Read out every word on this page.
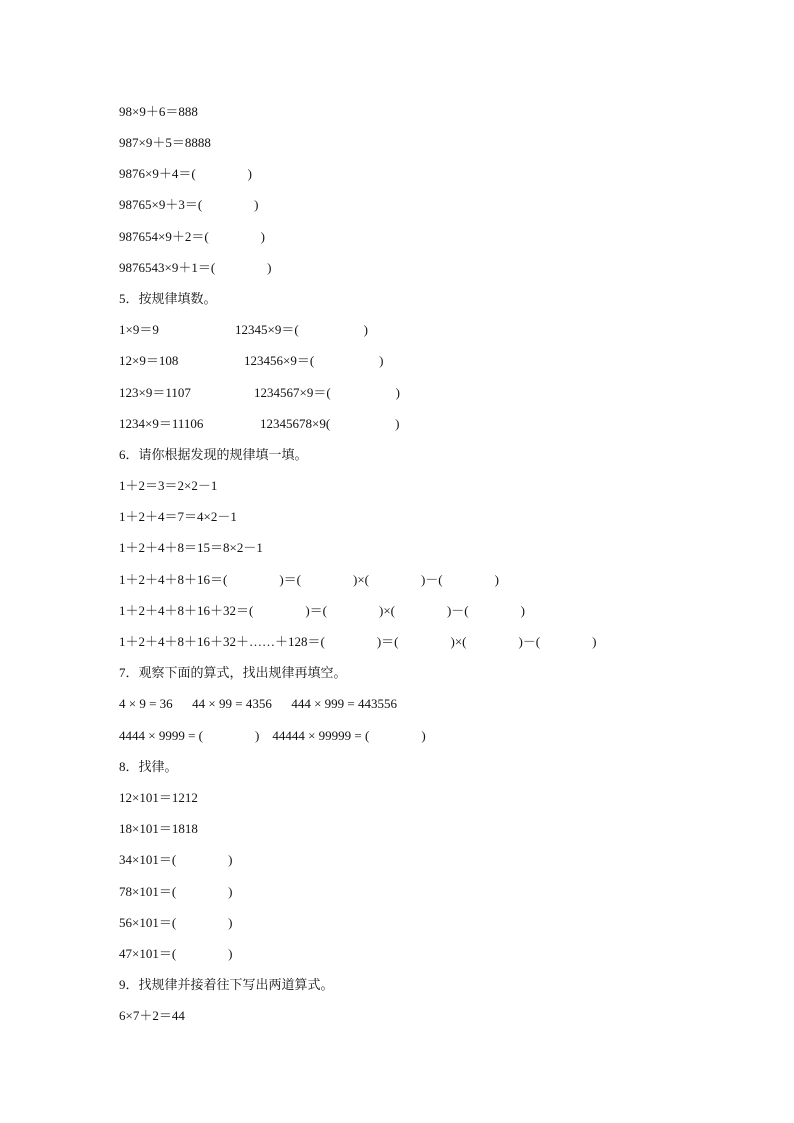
98×9＋6＝888

987×9＋5＝8888

9876×9＋4＝(                )

98765×9＋3＝(                )

987654×9＋2＝(                )

9876543×9＋1＝(                )

5．按规律填数。

1×9＝9	12345×9＝(                    )

12×9＝108	123456×9＝(                    )

123×9＝1107	1234567×9＝(                    )

1234×9＝11106	12345678×9(                    )

6．请你根据发现的规律填一填。

1＋2＝3＝2×2－1

1＋2＋4＝7＝4×2－1

1＋2＋4＋8＝15＝8×2－1

1＋2＋4＋8＋16＝(                )＝(                )×(                )－(                )

1＋2＋4＋8＋16＋32＝(                )＝(                )×(                )－(                )

1＋2＋4＋8＋16＋32＋……＋128＝(                )＝(                )×(                )－(                )

7．观察下面的算式，找出规律再填空。

4 × 9 = 36      44 × 99 = 4356      444 × 999 = 443556

4444 × 9999 = (                )    44444 × 99999 = (                )

8．找律。

12×101＝1212

18×101＝1818

34×101＝(                )

78×101＝(                )

56×101＝(                )

47×101＝(                )

9．找规律并接着往下写出两道算式。

6×7＋2＝44
